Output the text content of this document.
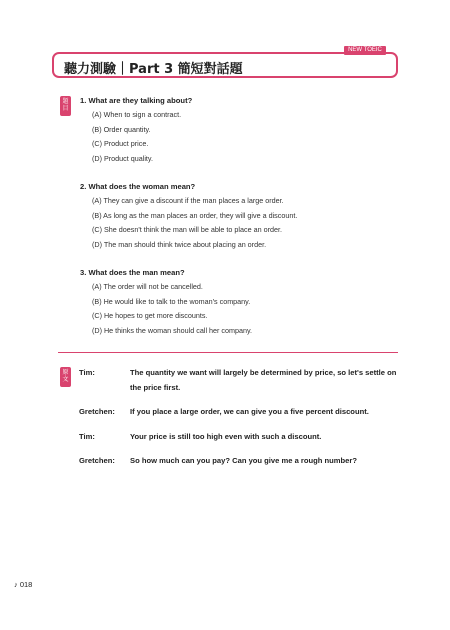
聽力測驗｜Part 3 簡短對話題
NEW TOEIC
題目
1. What are they talking about?
(A) When to sign a contract.
(B) Order quantity.
(C) Product price.
(D) Product quality.
2. What does the woman mean?
(A) They can give a discount if the man places a large order.
(B) As long as the man places an order, they will give a discount.
(C) She doesn't think the man will be able to place an order.
(D) The man should think twice about placing an order.
3. What does the man mean?
(A) The order will not be cancelled.
(B) He would like to talk to the woman's company.
(C) He hopes to get more discounts.
(D) He thinks the woman should call her company.
原文
Tim:	The quantity we want will largely be determined by price, so let's settle on the price first.
Gretchen:	If you place a large order, we can give you a five percent discount.
Tim:	Your price is still too high even with such a discount.
Gretchen:	So how much can you pay? Can you give me a rough number?
♪ 018
